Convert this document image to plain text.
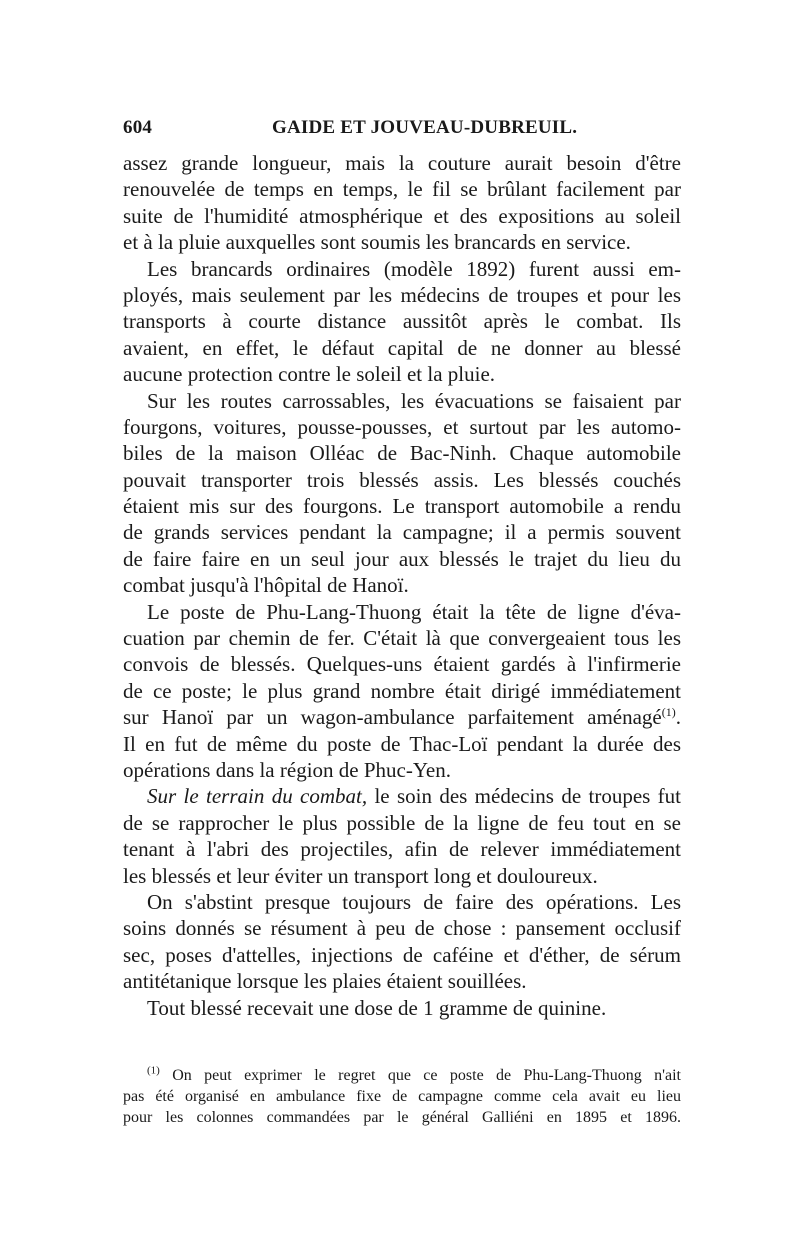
604	GAIDE ET JOUVEAU-DUBREUIL.
assez grande longueur, mais la couture aurait besoin d'être
renouvelée de temps en temps, le fil se brûlant facilement par
suite de l'humidité atmosphérique et des expositions au soleil
et à la pluie auxquelles sont soumis les brancards en service.
Les brancards ordinaires (modèle 1892) furent aussi em-
ployés, mais seulement par les médecins de troupes et pour les
transports à courte distance aussitôt après le combat. Ils
avaient, en effet, le défaut capital de ne donner au blessé
aucune protection contre le soleil et la pluie.
Sur les routes carrossables, les évacuations se faisaient par
fourgons, voitures, pousse-pousses, et surtout par les automo-
biles de la maison Olléac de Bac-Ninh. Chaque automobile
pouvait transporter trois blessés assis. Les blessés couchés
étaient mis sur des fourgons. Le transport automobile a rendu
de grands services pendant la campagne; il a permis souvent
de faire faire en un seul jour aux blessés le trajet du lieu du
combat jusqu'à l'hôpital de Hanoï.
Le poste de Phu-Lang-Thuong était la tête de ligne d'éva-
cuation par chemin de fer. C'était là que convergeaient tous les
convois de blessés. Quelques-uns étaient gardés à l'infirmerie
de ce poste; le plus grand nombre était dirigé immédiatement
sur Hanoï par un wagon-ambulance parfaitement aménagé$^{(1)}$.
Il en fut de même du poste de Thac-Loï pendant la durée des
opérations dans la région de Phuc-Yen.
Sur le terrain du combat, le soin des médecins de troupes fut
de se rapprocher le plus possible de la ligne de feu tout en se
tenant à l'abri des projectiles, afin de relever immédiatement
les blessés et leur éviter un transport long et douloureux.
On s'abstint presque toujours de faire des opérations. Les
soins donnés se résument à peu de chose : pansement occlusif
sec, poses d'attelles, injections de caféine et d'éther, de sérum
antitétanique lorsque les plaies étaient souillées.
Tout blessé recevait une dose de 1 gramme de quinine.
$^{(1)}$ On peut exprimer le regret que ce poste de Phu-Lang-Thuong n'ait
pas été organisé en ambulance fixe de campagne comme cela avait eu lieu
pour les colonnes commandées par le général Galliéni en 1895 et 1896.
